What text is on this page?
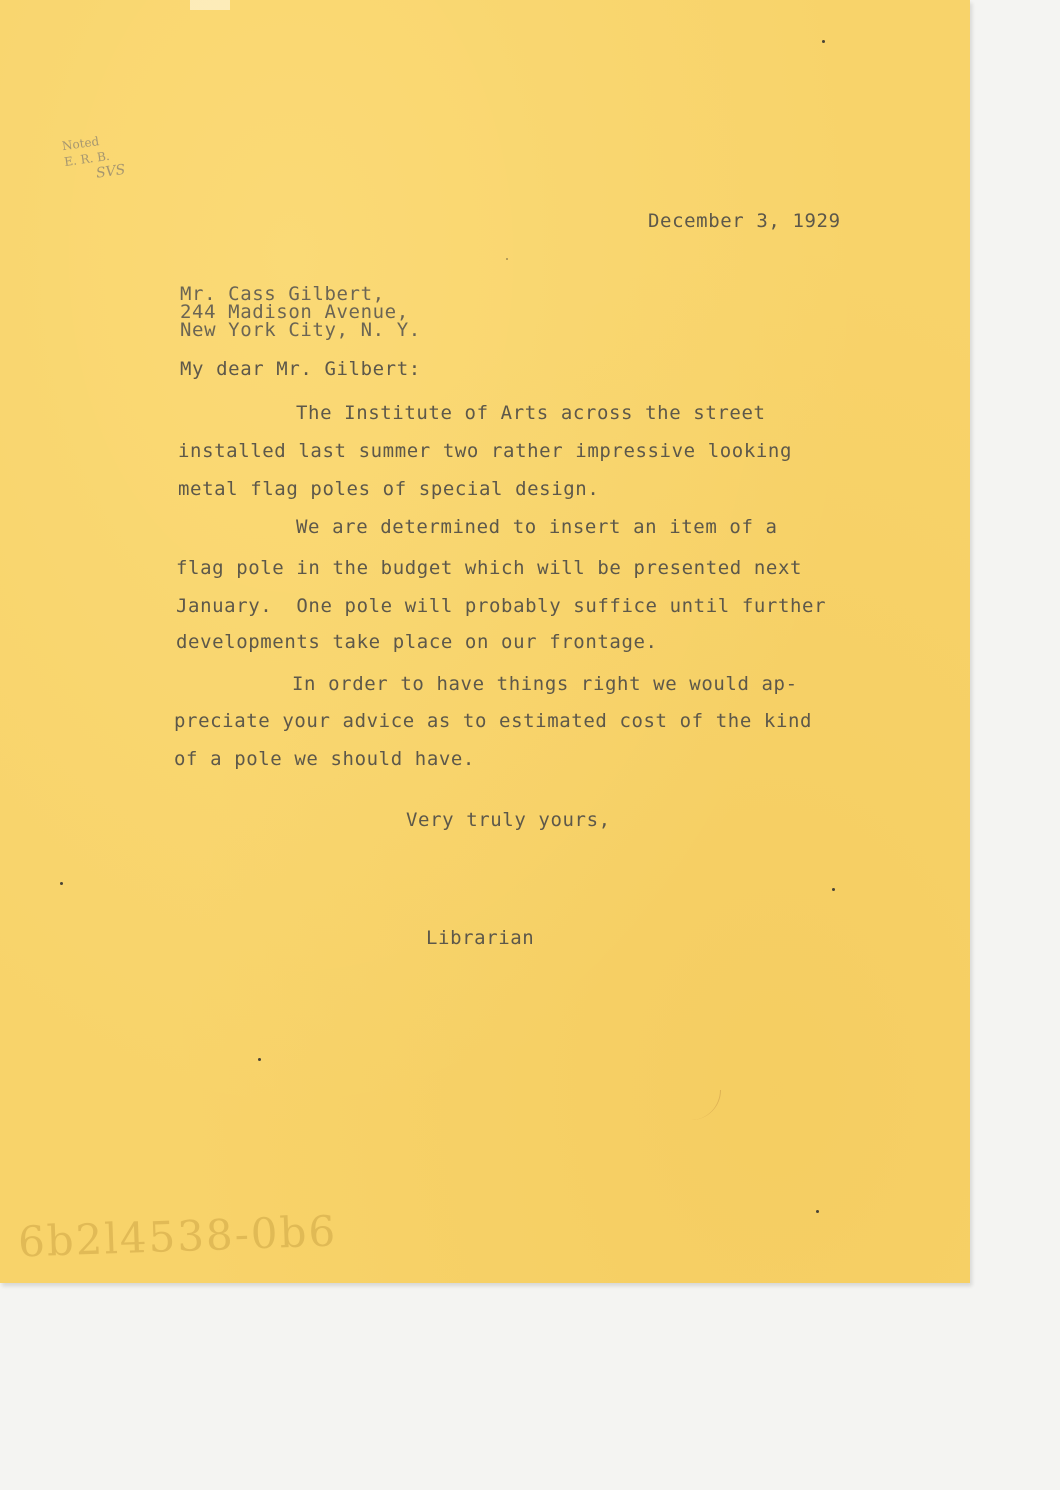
Noted
E. R. B.

SVS

December 3, 1929

Mr. Cass Gilbert,

244 Madison Avenue,

New York City, N. Y.

My dear Mr. Gilbert:

The Institute of Arts across the street

installed last summer two rather impressive looking

metal flag poles of special design.

We are determined to insert an item of a

flag pole in the budget which will be presented next

January.  One pole will probably suffice until further

developments take place on our frontage.

In order to have things right we would ap-

preciate your advice as to estimated cost of the kind

of a pole we should have.

Very truly yours,

Librarian

6b2l4538-0b6
